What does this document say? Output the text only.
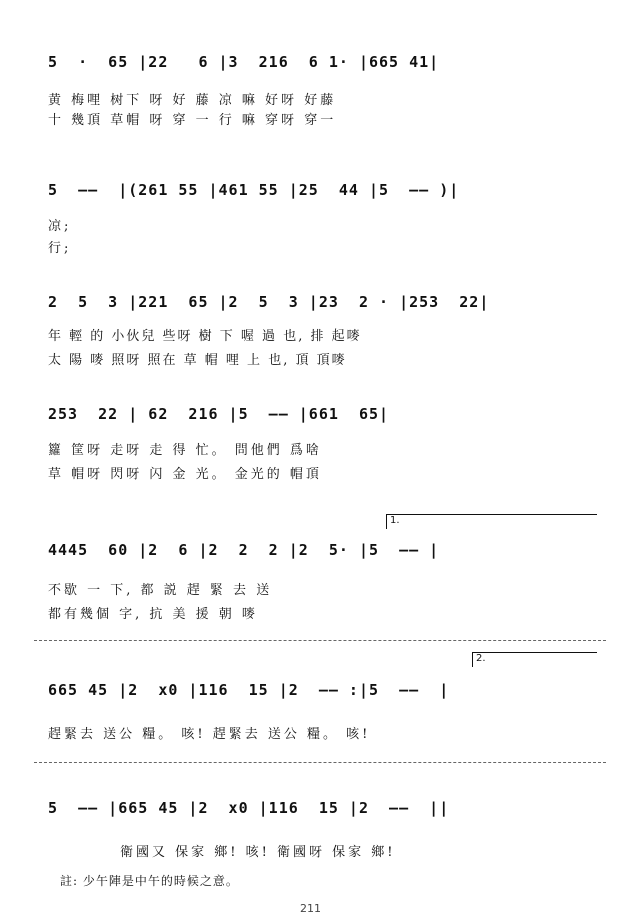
5  ·  65 |22   6 |3  216  6 1· |665 41|
黄 梅哩 树下 呀 好 藤 凉 嘛 好呀 好藤
十 幾頂 草帽 呀 穿 一 行 嘛 穿呀 穿一
5  ——  |(261 55 |461 55 |25  44 |5  —— )|
凉;
行;
2  5  3 |221  65 |2  5  3 |23  2 · |253  22|
年 輕 的 小伙兒 些呀 樹 下 喔 過 也, 排 起嘜
太 陽 嘜 照呀 照在 草 帽 哩 上 也, 頂 頂嘜
253  22 | 62  216 |5  —— |661  65|
籮 筐呀 走呀 走 得 忙。 問他們 爲啥
草 帽呀 閃呀 闪 金 光。 金光的 帽頂
1.
4445  60 |2  6 |2  2  2 |2  5· |5  —— |
不歇 一 下, 都 説 趕 緊 去 送
都有幾個 字, 抗 美 援 朝 嘜
2.
665 45 |2  x0 |116  15 |2  —— :|5  ——  |
趕緊去 送公 糧。 咳! 趕緊去 送公 糧。 咳!
5  —— |665 45 |2  x0 |116  15 |2  ——  ||
衛國又 保家 鄉! 咳! 衛國呀 保家 鄉!
註: 少午陣是中午的時候之意。
211
